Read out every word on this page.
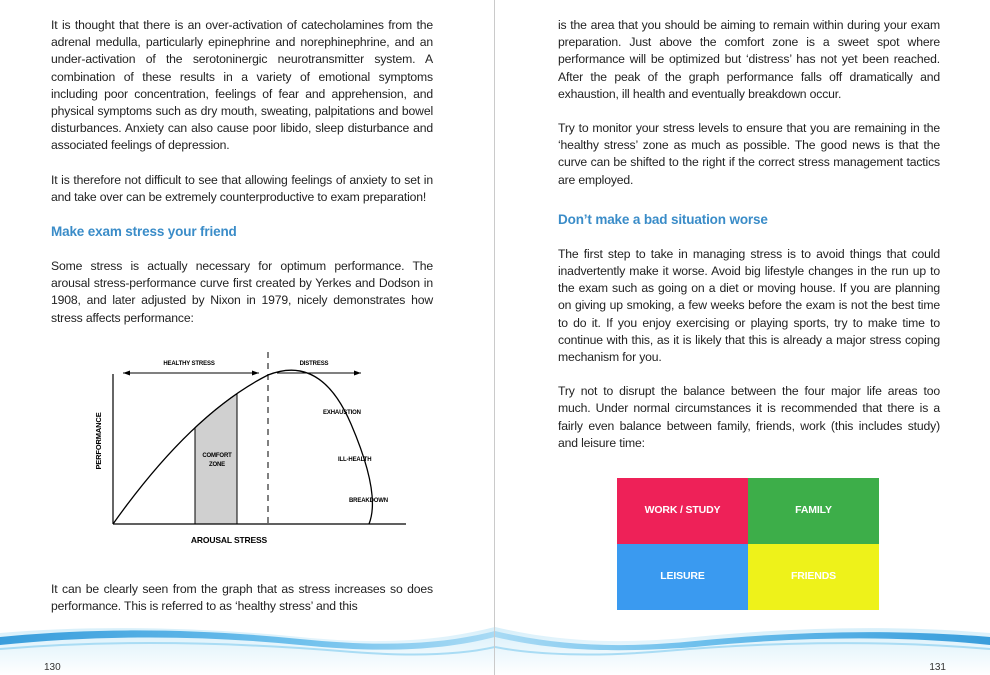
It is thought that there is an over-activation of catecholamines from the adrenal medulla, particularly epinephrine and norephinephrine, and an under-activation of the serotoninergic neurotransmitter system. A combination of these results in a variety of emotional symptoms including poor concentration, feelings of fear and apprehension, and physical symptoms such as dry mouth, sweating, palpitations and bowel disturbances. Anxiety can also cause poor libido, sleep disturbance and associated feelings of depression.

It is therefore not difficult to see that allowing feelings of anxiety to set in and take over can be extremely counterproductive to exam preparation!

Make exam stress your friend

Some stress is actually necessary for optimum performance. The arousal stress-performance curve first created by Yerkes and Dodson in 1908, and later adjusted by Nixon in 1979, nicely demonstrates how stress affects performance:

HEALTHY STRESS	DISTRESS
COMFORT
ZONE
EXHAUSTION
ILL-HEALTH
BREAKDOWN
AROUSAL STRESS
PERFORMANCE

It can be clearly seen from the graph that as stress increases so does performance. This is referred to as ‘healthy stress’ and this

130

is the area that you should be aiming to remain within during your exam preparation. Just above the comfort zone is a sweet spot where performance will be optimized but ‘distress’ has not yet been reached. After the peak of the graph performance falls off dramatically and exhaustion, ill health and eventually breakdown occur.

Try to monitor your stress levels to ensure that you are remaining in the ‘healthy stress’ zone as much as possible. The good news is that the curve can be shifted to the right if the correct stress management tactics are employed.

Don’t make a bad situation worse

The first step to take in managing stress is to avoid things that could inadvertently make it worse. Avoid big lifestyle changes in the run up to the exam such as going on a diet or moving house. If you are planning on giving up smoking, a few weeks before the exam is not the best time to do it. If you enjoy exercising or playing sports, try to make time to continue with this, as it is likely that this is already a major stress coping mechanism for you.

Try not to disrupt the balance between the four major life areas too much. Under normal circumstances it is recommended that there is a fairly even balance between family, friends, work (this includes study) and leisure time:

WORK / STUDY	FAMILY
LEISURE	FRIENDS
131
